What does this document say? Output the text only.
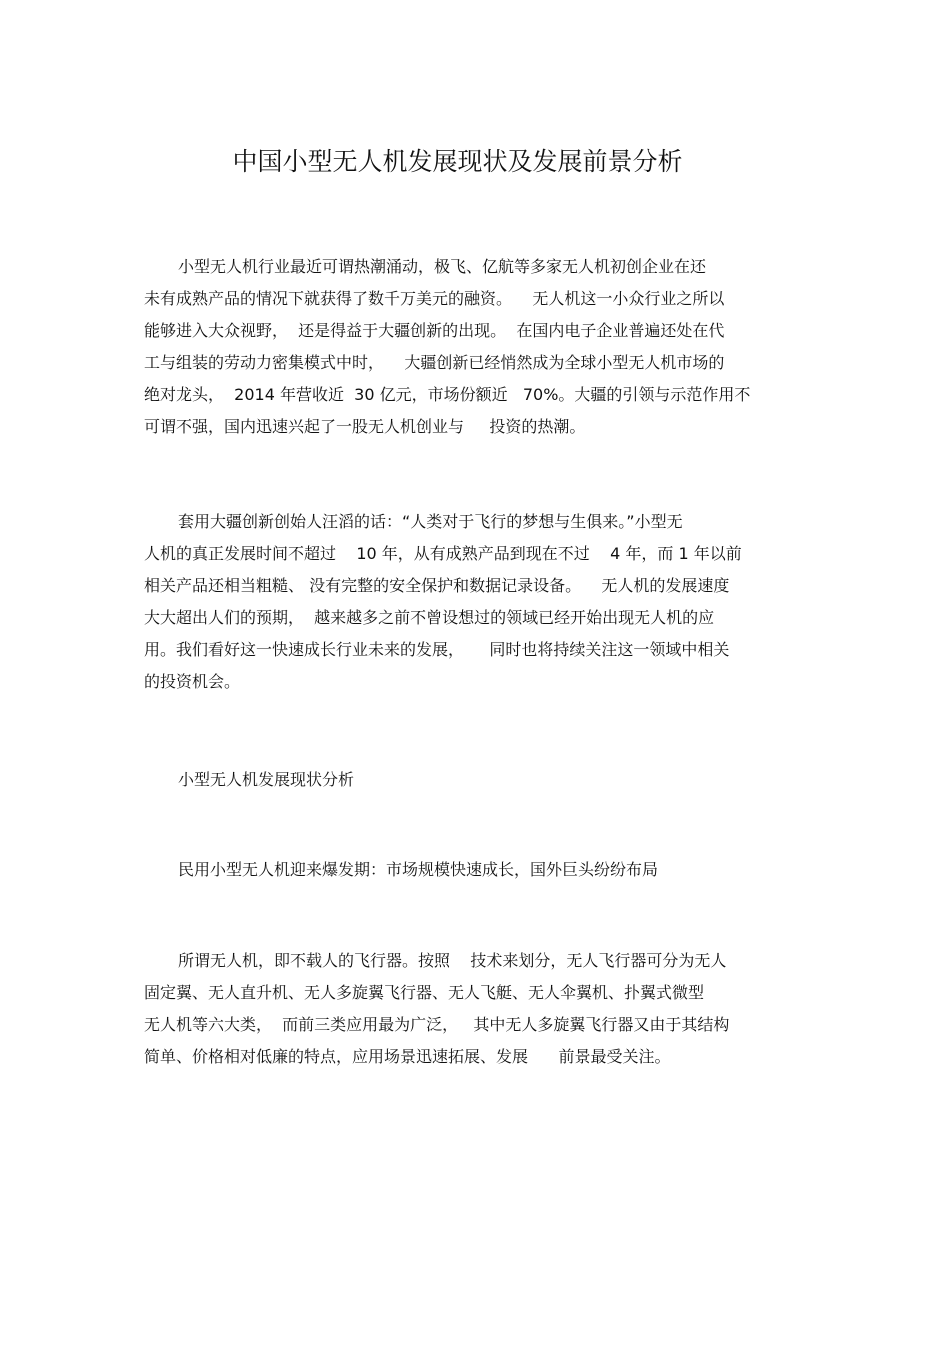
中国小型无人机发展现状及发展前景分析
小型无人机行业最近可谓热潮涌动，极飞、亿航等多家无人机初创企业在还
未有成熟产品的情况下就获得了数千万美元的融资。    无人机这一小众行业之所以
能够进入大众视野，  还是得益于大疆创新的出现。  在国内电子企业普遍还处在代
工与组装的劳动力密集模式中时，    大疆创新已经悄然成为全球小型无人机市场的
绝对龙头，  2014 年营收近  30 亿元，市场份额近   70%。大疆的引领与示范作用不
可谓不强，国内迅速兴起了一股无人机创业与     投资的热潮。
套用大疆创新创始人汪滔的话：“人类对于飞行的梦想与生俱来。”小型无
人机的真正发展时间不超过    10 年，从有成熟产品到现在不过    4 年，而 1 年以前
相关产品还相当粗糙、 没有完整的安全保护和数据记录设备。    无人机的发展速度
大大超出人们的预期，  越来越多之前不曾设想过的领域已经开始出现无人机的应
用。我们看好这一快速成长行业未来的发展，     同时也将持续关注这一领域中相关
的投资机会。
小型无人机发展现状分析
民用小型无人机迎来爆发期：市场规模快速成长，国外巨头纷纷布局
所谓无人机，即不载人的飞行器。按照    技术来划分，无人飞行器可分为无人
固定翼、无人直升机、无人多旋翼飞行器、无人飞艇、无人伞翼机、扑翼式微型
无人机等六大类，  而前三类应用最为广泛，   其中无人多旋翼飞行器又由于其结构
简单、价格相对低廉的特点，应用场景迅速拓展、发展      前景最受关注。
